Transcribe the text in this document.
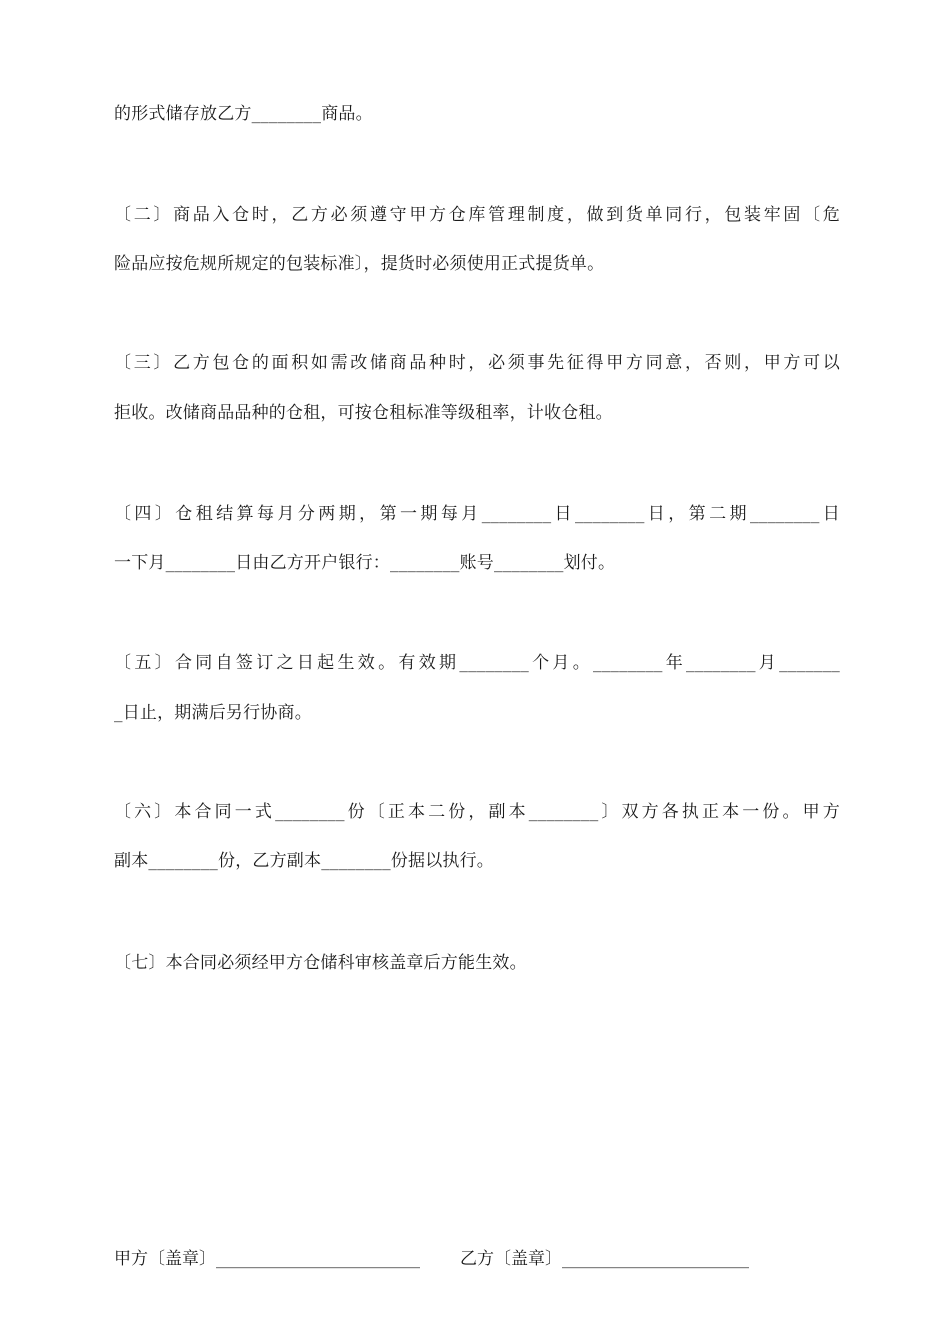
的形式储存放乙方________商品。
〔二〕商品入仓时，乙方必须遵守甲方仓库管理制度，做到货单同行，包装牢固〔危
险品应按危规所规定的包装标准〕，提货时必须使用正式提货单。
〔三〕乙方包仓的面积如需改储商品种时，必须事先征得甲方同意，否则，甲方可以
拒收。改储商品品种的仓租，可按仓租标准等级租率，计收仓租。
〔四〕仓租结算每月分两期，第一期每月________日________日，第二期________日
一下月________日由乙方开户银行：________账号________划付。
〔五〕合同自签订之日起生效。有效期________个月。________年________月_______
_日止，期满后另行协商。
〔六〕本合同一式________份〔正本二份，副本________〕双方各执正本一份。甲方
副本________份，乙方副本________份据以执行。
〔七〕本合同必须经甲方仓储科审核盖章后方能生效。
甲方〔盖章〕________________________ 乙方〔盖章〕______________________
